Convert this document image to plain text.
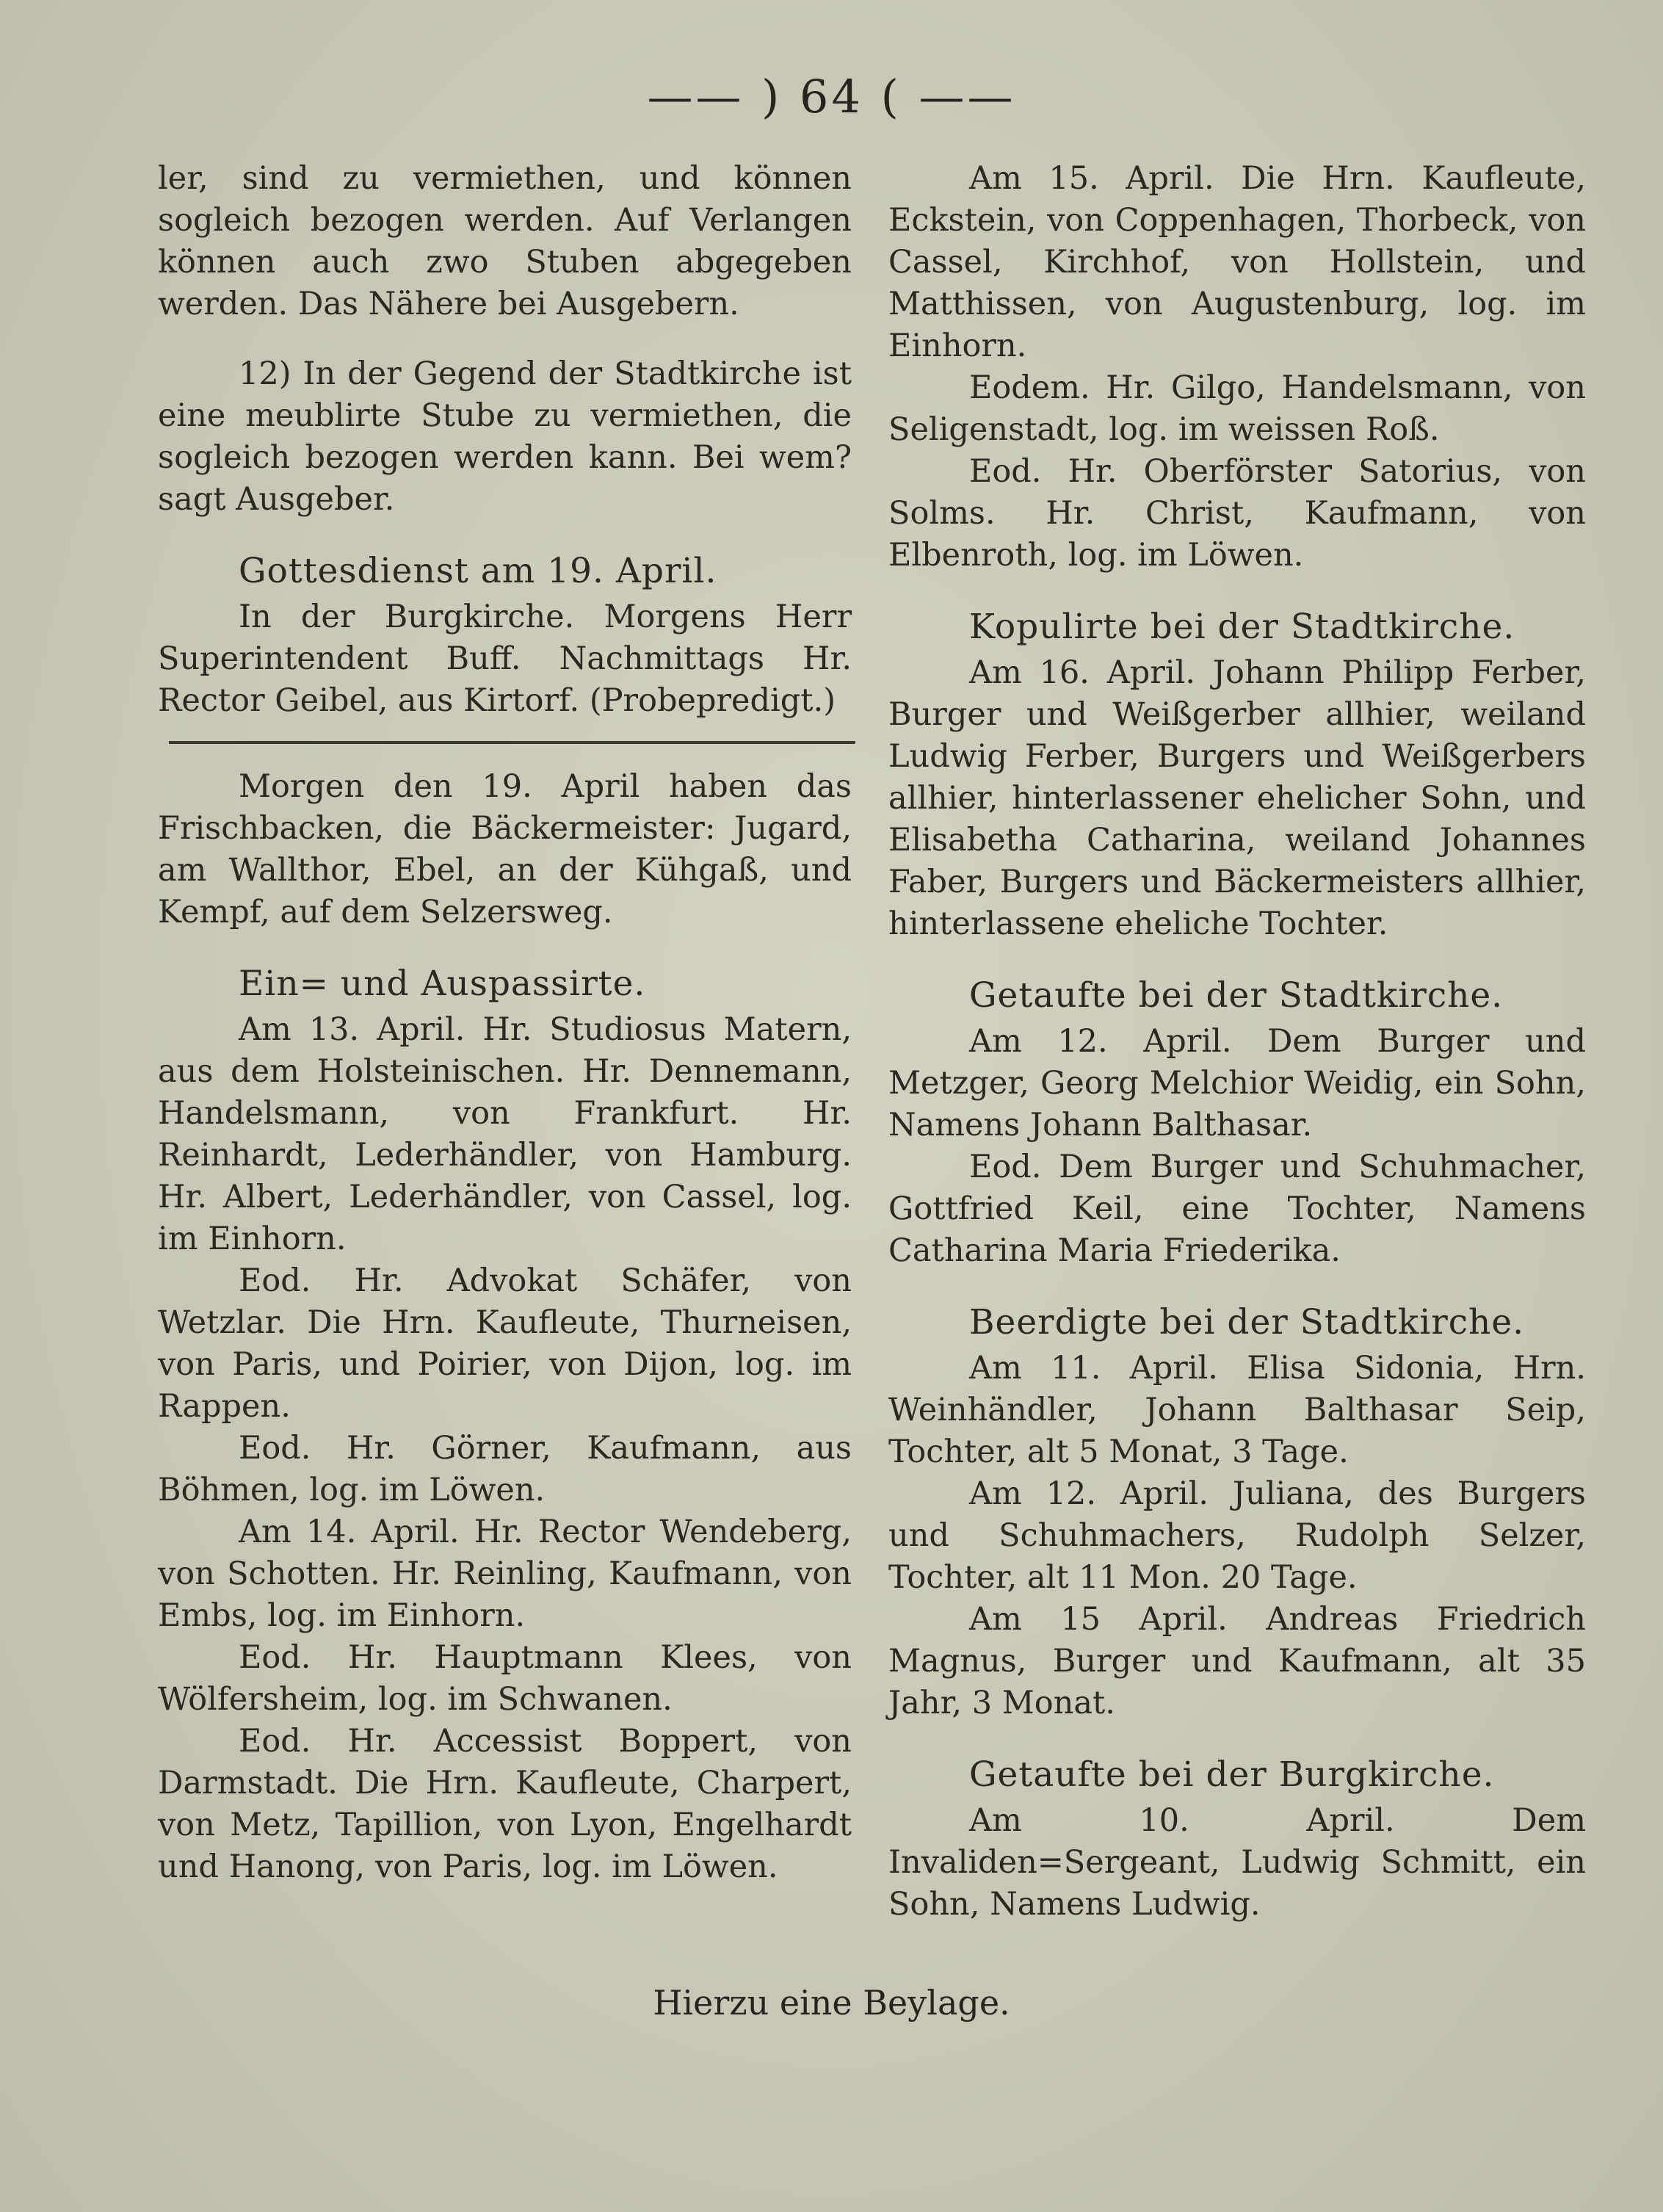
—— ) 64 ( ——

ler, sind zu vermiethen, und können sogleich bezogen werden. Auf Verlangen können auch zwo Stuben abgegeben werden. Das Nähere bei Ausgebern.

12) In der Gegend der Stadtkirche ist eine meublirte Stube zu vermiethen, die sogleich bezogen werden kann. Bei wem? sagt Ausgeber.

Gottesdienst am 19. April.

In der Burgkirche. Morgens Herr Superintendent Buff. Nachmittags Hr. Rector Geibel, aus Kirtorf. (Probepredigt.)

Morgen den 19. April haben das Frischbacken, die Bäckermeister: Jugard, am Wallthor, Ebel, an der Kühgaß, und Kempf, auf dem Selzersweg.

Ein= und Auspassirte.

Am 13. April. Hr. Studiosus Matern, aus dem Holsteinischen. Hr. Dennemann, Handelsmann, von Frankfurt. Hr. Reinhardt, Lederhändler, von Hamburg. Hr. Albert, Lederhändler, von Cassel, log. im Einhorn.

Eod. Hr. Advokat Schäfer, von Wetzlar. Die Hrn. Kaufleute, Thurneisen, von Paris, und Poirier, von Dijon, log. im Rappen.

Eod. Hr. Görner, Kaufmann, aus Böhmen, log. im Löwen.

Am 14. April. Hr. Rector Wendeberg, von Schotten. Hr. Reinling, Kaufmann, von Embs, log. im Einhorn.

Eod. Hr. Hauptmann Klees, von Wölfersheim, log. im Schwanen.

Eod. Hr. Accessist Boppert, von Darmstadt. Die Hrn. Kaufleute, Charpert, von Metz, Tapillion, von Lyon, Engelhardt und Hanong, von Paris, log. im Löwen.

Am 15. April. Die Hrn. Kaufleute, Eckstein, von Coppenhagen, Thorbeck, von Cassel, Kirchhof, von Hollstein, und Matthissen, von Augustenburg, log. im Einhorn.

Eodem. Hr. Gilgo, Handelsmann, von Seligenstadt, log. im weissen Roß.

Eod. Hr. Oberförster Satorius, von Solms. Hr. Christ, Kaufmann, von Elbenroth, log. im Löwen.

Kopulirte bei der Stadtkirche.

Am 16. April. Johann Philipp Ferber, Burger und Weißgerber allhier, weiland Ludwig Ferber, Burgers und Weißgerbers allhier, hinterlassener ehelicher Sohn, und Elisabetha Catharina, weiland Johannes Faber, Burgers und Bäckermeisters allhier, hinterlassene eheliche Tochter.

Getaufte bei der Stadtkirche.

Am 12. April. Dem Burger und Metzger, Georg Melchior Weidig, ein Sohn, Namens Johann Balthasar.

Eod. Dem Burger und Schuhmacher, Gottfried Keil, eine Tochter, Namens Catharina Maria Friederika.

Beerdigte bei der Stadtkirche.

Am 11. April. Elisa Sidonia, Hrn. Weinhändler, Johann Balthasar Seip, Tochter, alt 5 Monat, 3 Tage.

Am 12. April. Juliana, des Burgers und Schuhmachers, Rudolph Selzer, Tochter, alt 11 Mon. 20 Tage.

Am 15 April. Andreas Friedrich Magnus, Burger und Kaufmann, alt 35 Jahr, 3 Monat.

Getaufte bei der Burgkirche.

Am 10. April. Dem Invaliden=Sergeant, Ludwig Schmitt, ein Sohn, Namens Ludwig.

Hierzu eine Beylage.
